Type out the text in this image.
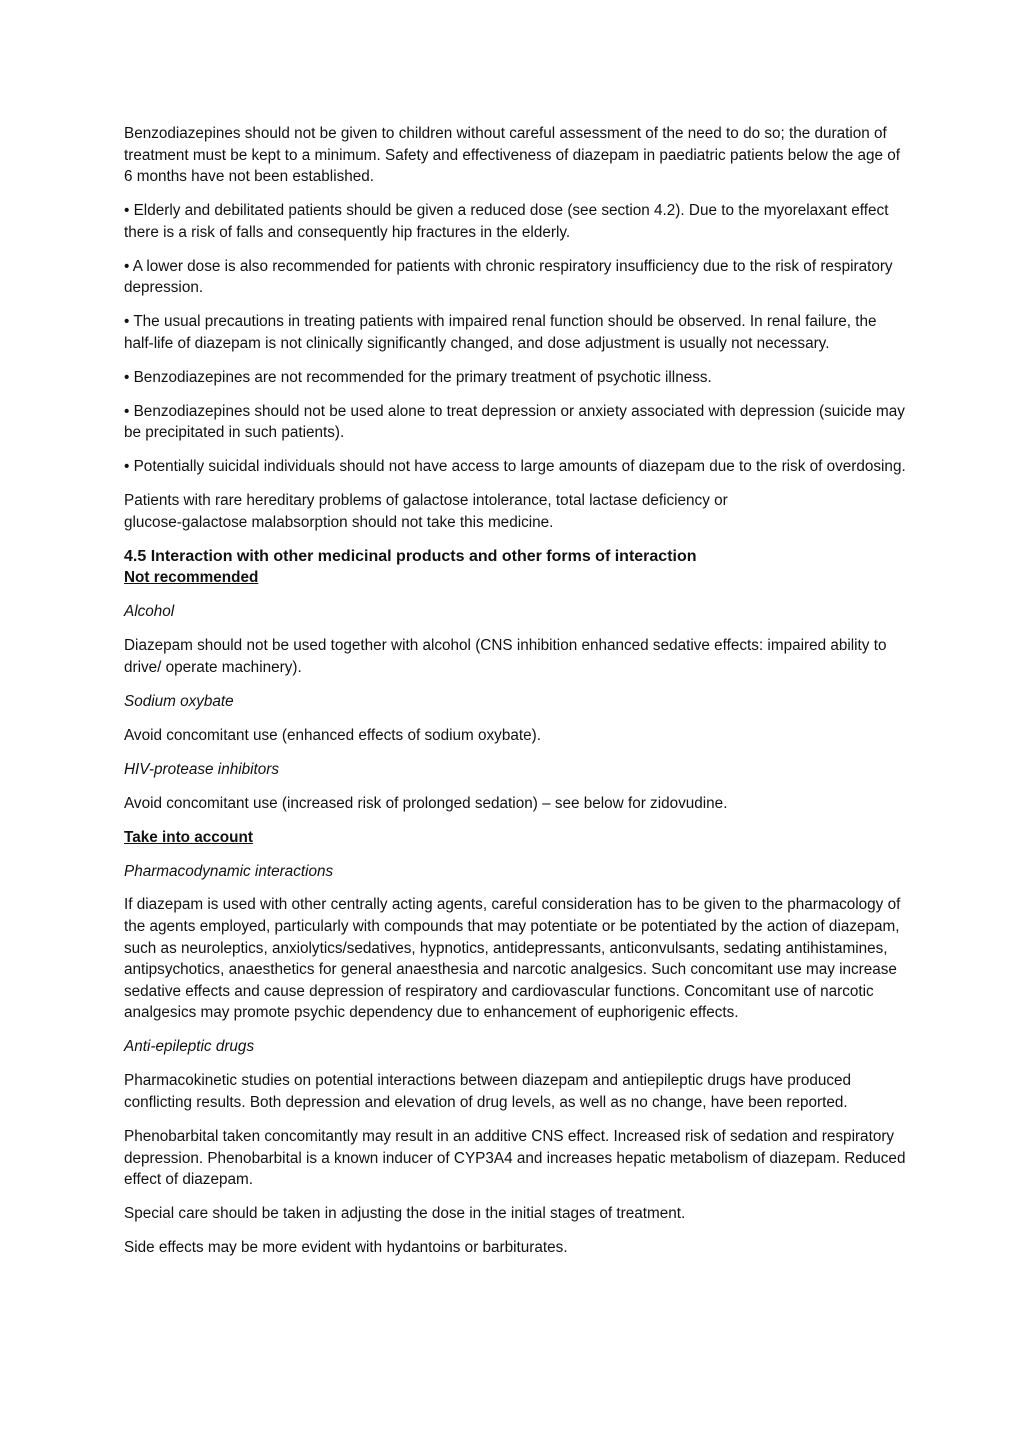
Benzodiazepines should not be given to children without careful assessment of the need to do so; the duration of treatment must be kept to a minimum. Safety and effectiveness of diazepam in paediatric patients below the age of 6 months have not been established.

• Elderly and debilitated patients should be given a reduced dose (see section 4.2). Due to the myorelaxant effect there is a risk of falls and consequently hip fractures in the elderly.

• A lower dose is also recommended for patients with chronic respiratory insufficiency due to the risk of respiratory depression.

• The usual precautions in treating patients with impaired renal function should be observed. In renal failure, the half-life of diazepam is not clinically significantly changed, and dose adjustment is usually not necessary.

• Benzodiazepines are not recommended for the primary treatment of psychotic illness.

• Benzodiazepines should not be used alone to treat depression or anxiety associated with depression (suicide may be precipitated in such patients).

• Potentially suicidal individuals should not have access to large amounts of diazepam due to the risk of overdosing.

Patients with rare hereditary problems of galactose intolerance, total lactase deficiency or
glucose-galactose malabsorption should not take this medicine.

4.5 Interaction with other medicinal products and other forms of interaction

Not recommended

Alcohol

Diazepam should not be used together with alcohol (CNS inhibition enhanced sedative effects: impaired ability to drive/ operate machinery).

Sodium oxybate

Avoid concomitant use (enhanced effects of sodium oxybate).

HIV-protease inhibitors

Avoid concomitant use (increased risk of prolonged sedation) – see below for zidovudine.

Take into account

Pharmacodynamic interactions

If diazepam is used with other centrally acting agents, careful consideration has to be given to the pharmacology of the agents employed, particularly with compounds that may potentiate or be potentiated by the action of diazepam, such as neuroleptics, anxiolytics/sedatives, hypnotics, antidepressants, anticonvulsants, sedating antihistamines, antipsychotics, anaesthetics for general anaesthesia and narcotic analgesics. Such concomitant use may increase sedative effects and cause depression of respiratory and cardiovascular functions. Concomitant use of narcotic analgesics may promote psychic dependency due to enhancement of euphorigenic effects.

Anti-epileptic drugs

Pharmacokinetic studies on potential interactions between diazepam and antiepileptic drugs have produced conflicting results. Both depression and elevation of drug levels, as well as no change, have been reported.

Phenobarbital taken concomitantly may result in an additive CNS effect. Increased risk of sedation and respiratory depression. Phenobarbital is a known inducer of CYP3A4 and increases hepatic metabolism of diazepam. Reduced effect of diazepam.

Special care should be taken in adjusting the dose in the initial stages of treatment.

Side effects may be more evident with hydantoins or barbiturates.
